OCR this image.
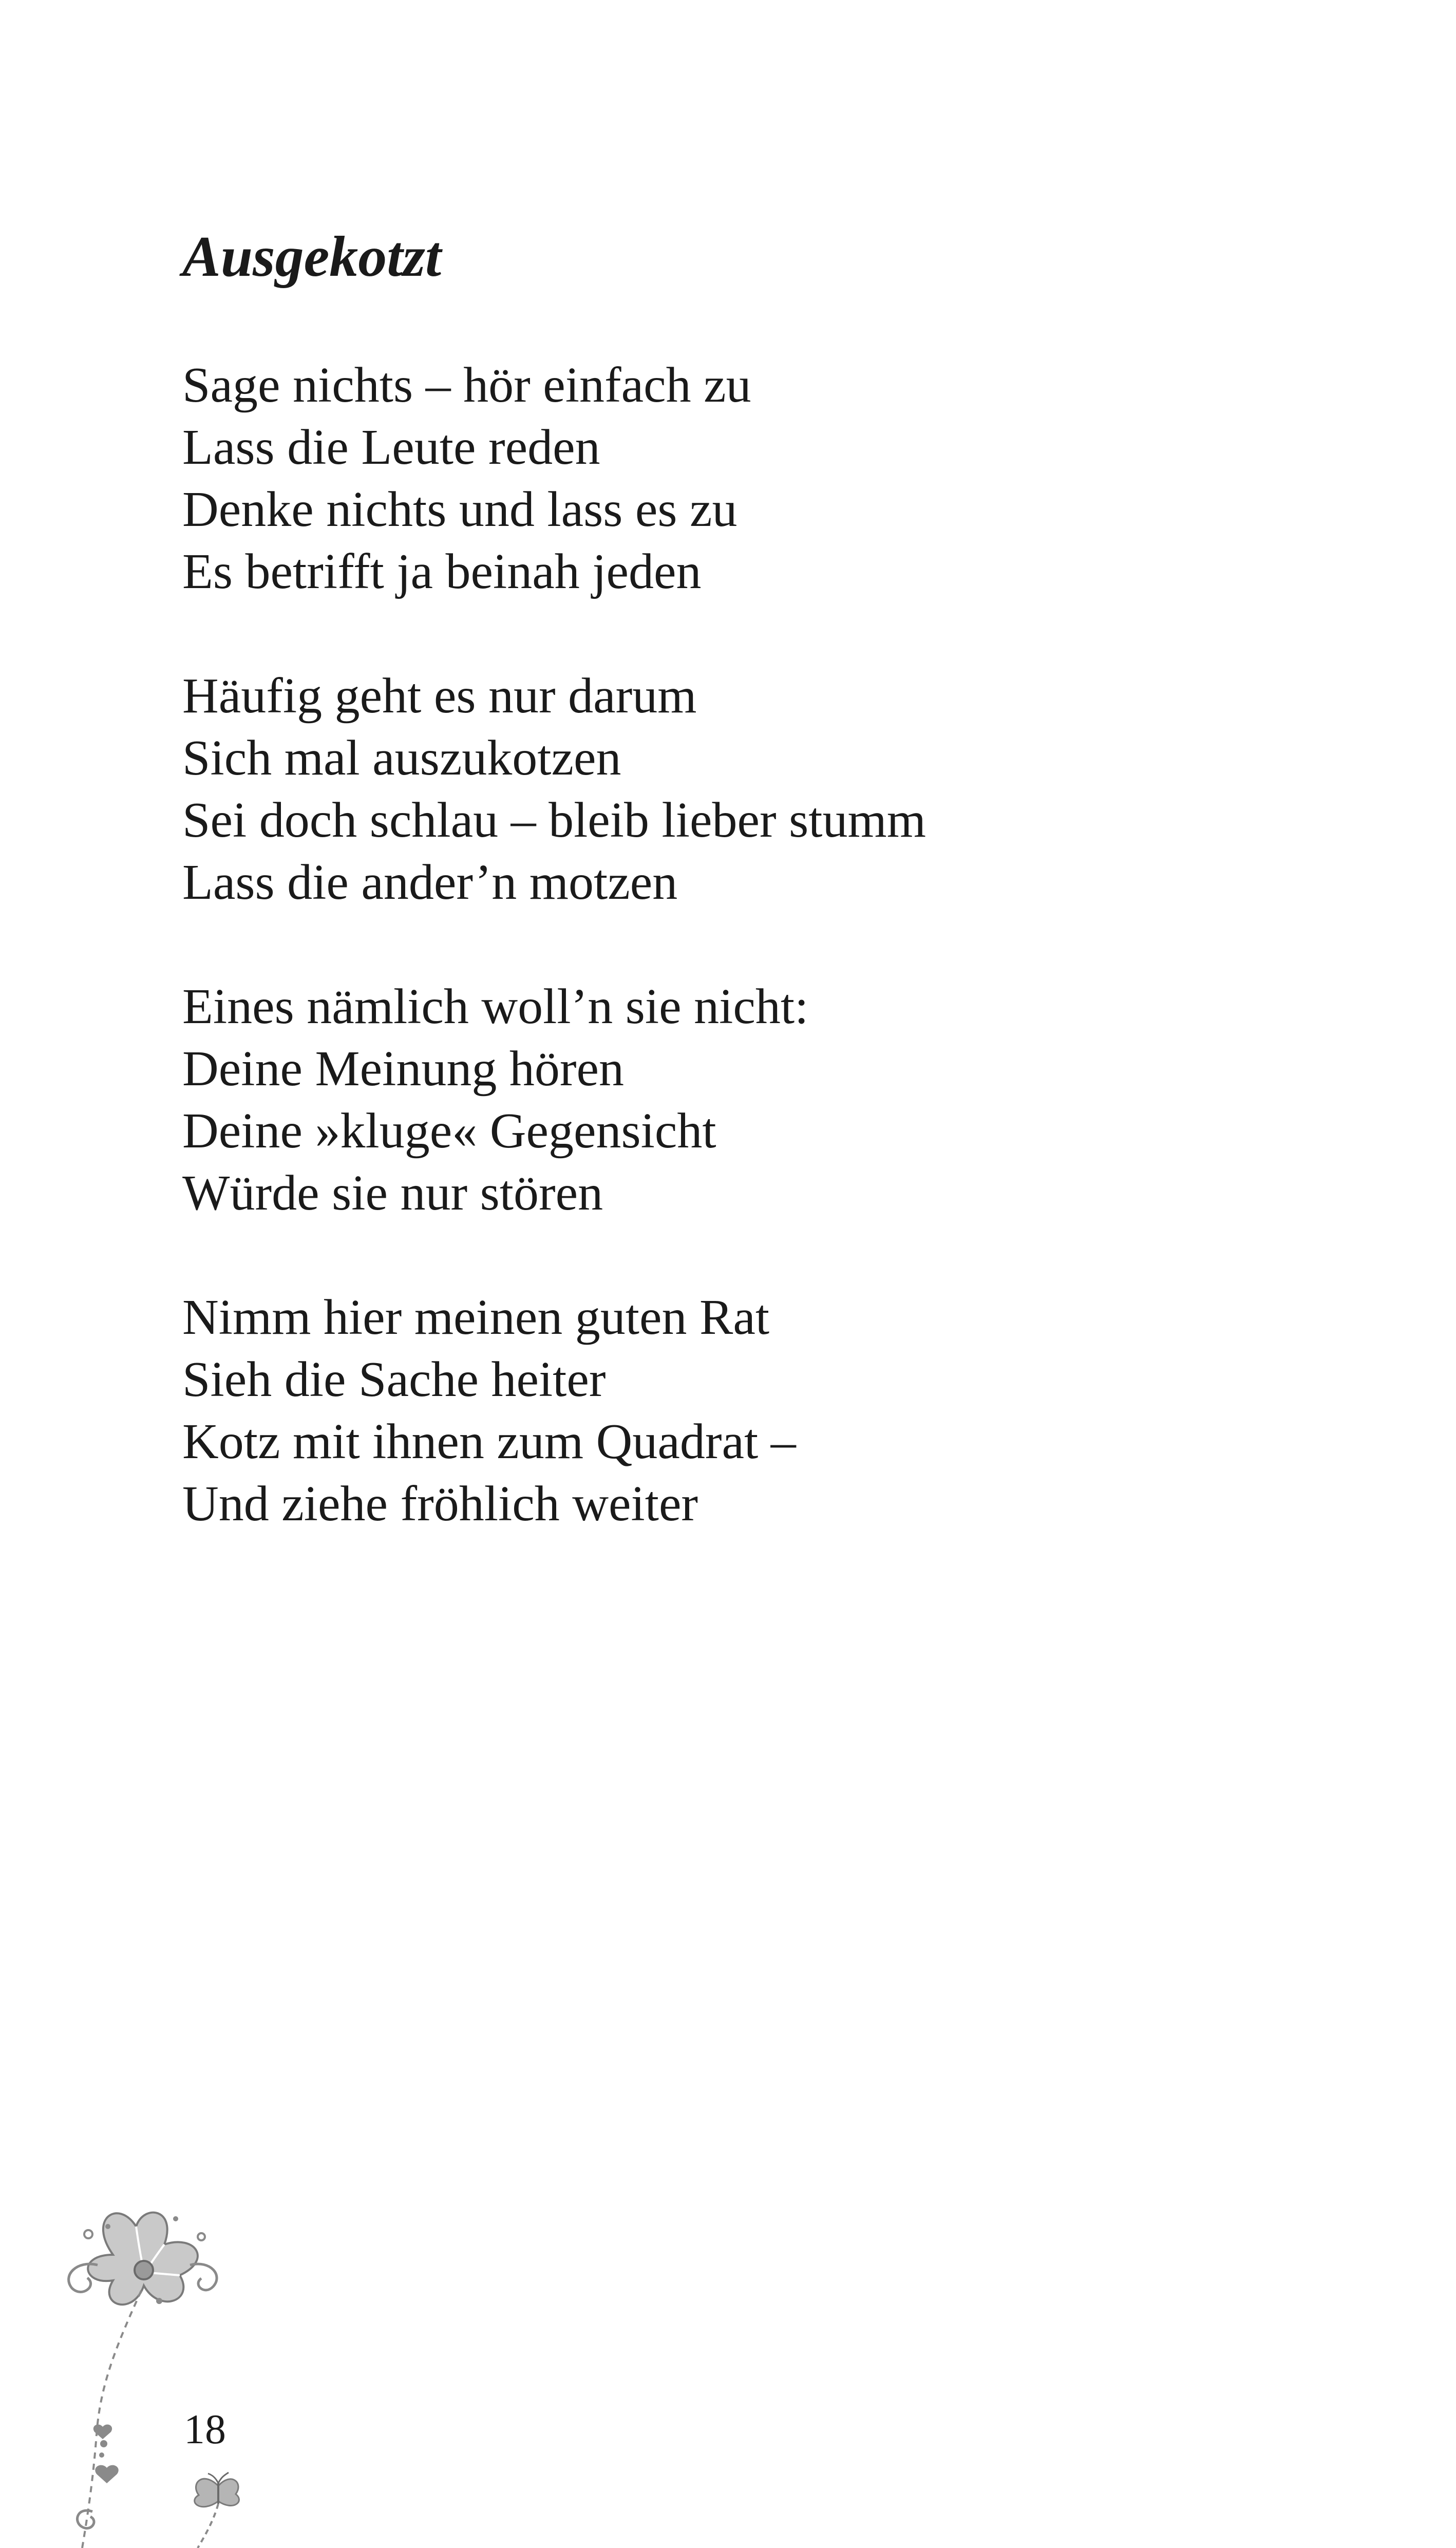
Ausgekotzt
Sage nichts – hör einfach zu
Lass die Leute reden
Denke nichts und lass es zu
Es betrifft ja beinah jeden
Häufig geht es nur darum
Sich mal auszukotzen
Sei doch schlau – bleib lieber stumm
Lass die ander’n motzen
Eines nämlich woll’n sie nicht:
Deine Meinung hören
Deine »kluge« Gegensicht
Würde sie nur stören
Nimm hier meinen guten Rat
Sieh die Sache heiter
Kotz mit ihnen zum Quadrat –
Und ziehe fröhlich weiter
18
